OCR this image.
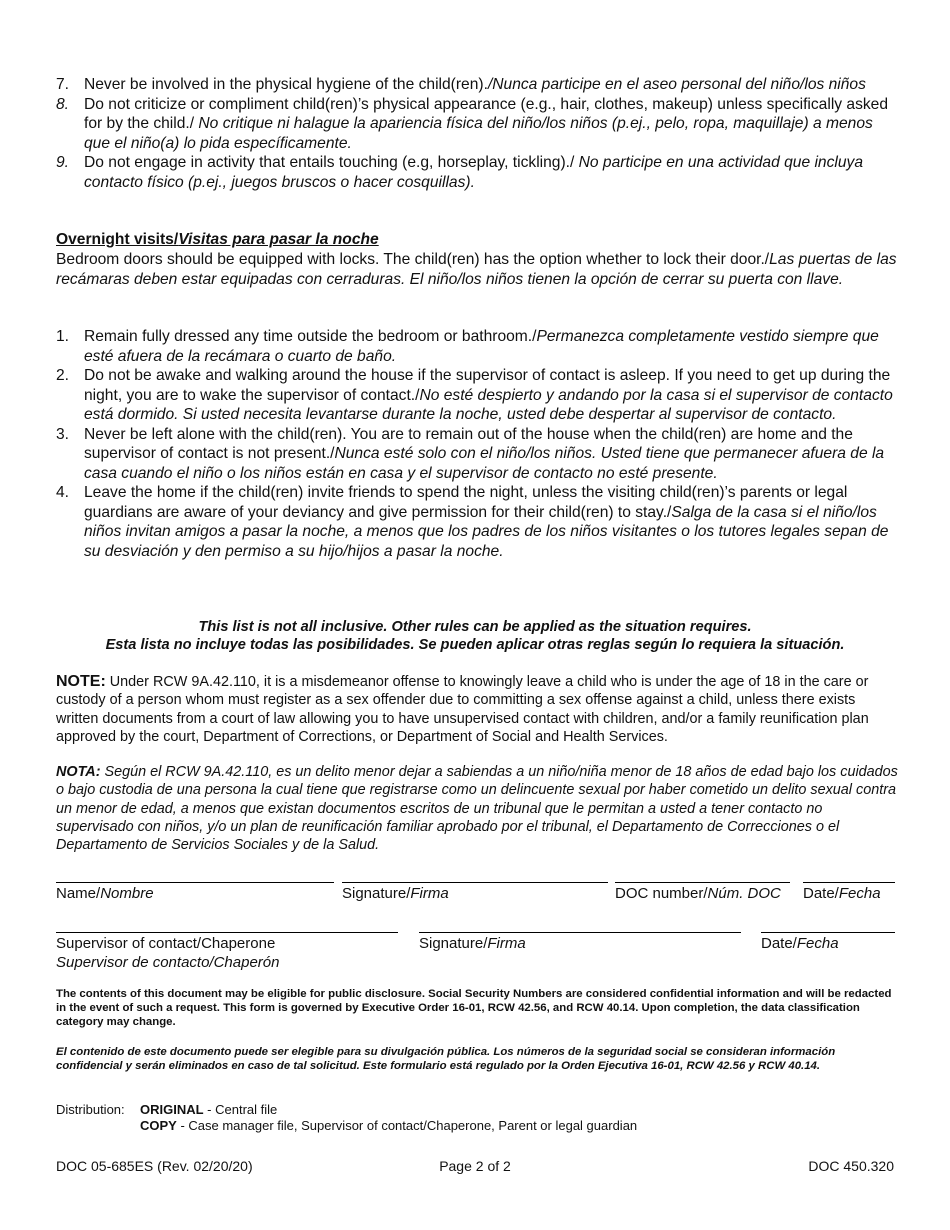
7. Never be involved in the physical hygiene of the child(ren)./Nunca participe en el aseo personal del niño/los niños
8. Do not criticize or compliment child(ren)’s physical appearance (e.g., hair, clothes, makeup) unless specifically asked for by the child./ No critique ni halague la apariencia física del niño/los niños (p.ej., pelo, ropa, maquillaje) a menos que el niño(a) lo pida específicamente.
9. Do not engage in activity that entails touching (e.g, horseplay, tickling)./ No participe en una actividad que incluya contacto físico (p.ej., juegos bruscos o hacer cosquillas).
Overnight visits/Visitas para pasar la noche

Bedroom doors should be equipped with locks. The child(ren) has the option whether to lock their door./Las puertas de las recámaras deben estar equipadas con cerraduras. El niño/los niños tienen la opción de cerrar su puerta con llave.

1. Remain fully dressed any time outside the bedroom or bathroom./Permanezca completamente vestido siempre que esté afuera de la recámara o cuarto de baño.
2. Do not be awake and walking around the house if the supervisor of contact is asleep. If you need to get up during the night, you are to wake the supervisor of contact./No esté despierto y andando por la casa si el supervisor de contacto está dormido. Si usted necesita levantarse durante la noche, usted debe despertar al supervisor de contacto.
3. Never be left alone with the child(ren). You are to remain out of the house when the child(ren) are home and the supervisor of contact is not present./Nunca esté solo con el niño/los niños. Usted tiene que permanecer afuera de la casa cuando el niño o los niños están en casa y el supervisor de contacto no esté presente.
4. Leave the home if the child(ren) invite friends to spend the night, unless the visiting child(ren)’s parents or legal guardians are aware of your deviancy and give permission for their child(ren) to stay./Salga de la casa si el niño/los niños invitan amigos a pasar la noche, a menos que los padres de los niños visitantes o los tutores legales sepan de su desviación y den permiso a su hijo/hijos a pasar la noche.
This list is not all inclusive. Other rules can be applied as the situation requires.
Esta lista no incluye todas las posibilidades. Se pueden aplicar otras reglas según lo requiera la situación.

NOTE: Under RCW 9A.42.110, it is a misdemeanor offense to knowingly leave a child who is under the age of 18 in the care or custody of a person whom must register as a sex offender due to committing a sex offense against a child, unless there exists written documents from a court of law allowing you to have unsupervised contact with children, and/or a family reunification plan approved by the court, Department of Corrections, or Department of Social and Health Services.

NOTA: Según el RCW 9A.42.110, es un delito menor dejar a sabiendas a un niño/niña menor de 18 años de edad bajo los cuidados o bajo custodia de una persona la cual tiene que registrarse como un delincuente sexual por haber cometido un delito sexual contra un menor de edad, a menos que existan documentos escritos de un tribunal que le permitan a usted a tener contacto no supervisado con niños, y/o un plan de reunificación familiar aprobado por el tribunal, el Departamento de Correcciones o el Departamento de Servicios Sociales y de la Salud.

Name/Nombre	Signature/Firma	DOC number/Núm. DOC Date/Fecha
Supervisor of contact/Chaperone
Supervisor de contacto/Chaperón
Signature/Firma	Date/Fecha

The contents of this document may be eligible for public disclosure. Social Security Numbers are considered confidential information and will be redacted in the event of such a request. This form is governed by Executive Order 16-01, RCW 42.56, and RCW 40.14. Upon completion, the data classification category may change.

El contenido de este documento puede ser elegible para su divulgación pública. Los números de la seguridad social se consideran información confidencial y serán eliminados en caso de tal solicitud. Este formulario está regulado por la Orden Ejecutiva 16-01, RCW 42.56 y RCW 40.14.

Distribution: ORIGINAL - Central file
COPY - Case manager file, Supervisor of contact/Chaperone, Parent or legal guardian
DOC 05-685ES (Rev. 02/20/20)	Page 2 of 2	DOC 450.320
